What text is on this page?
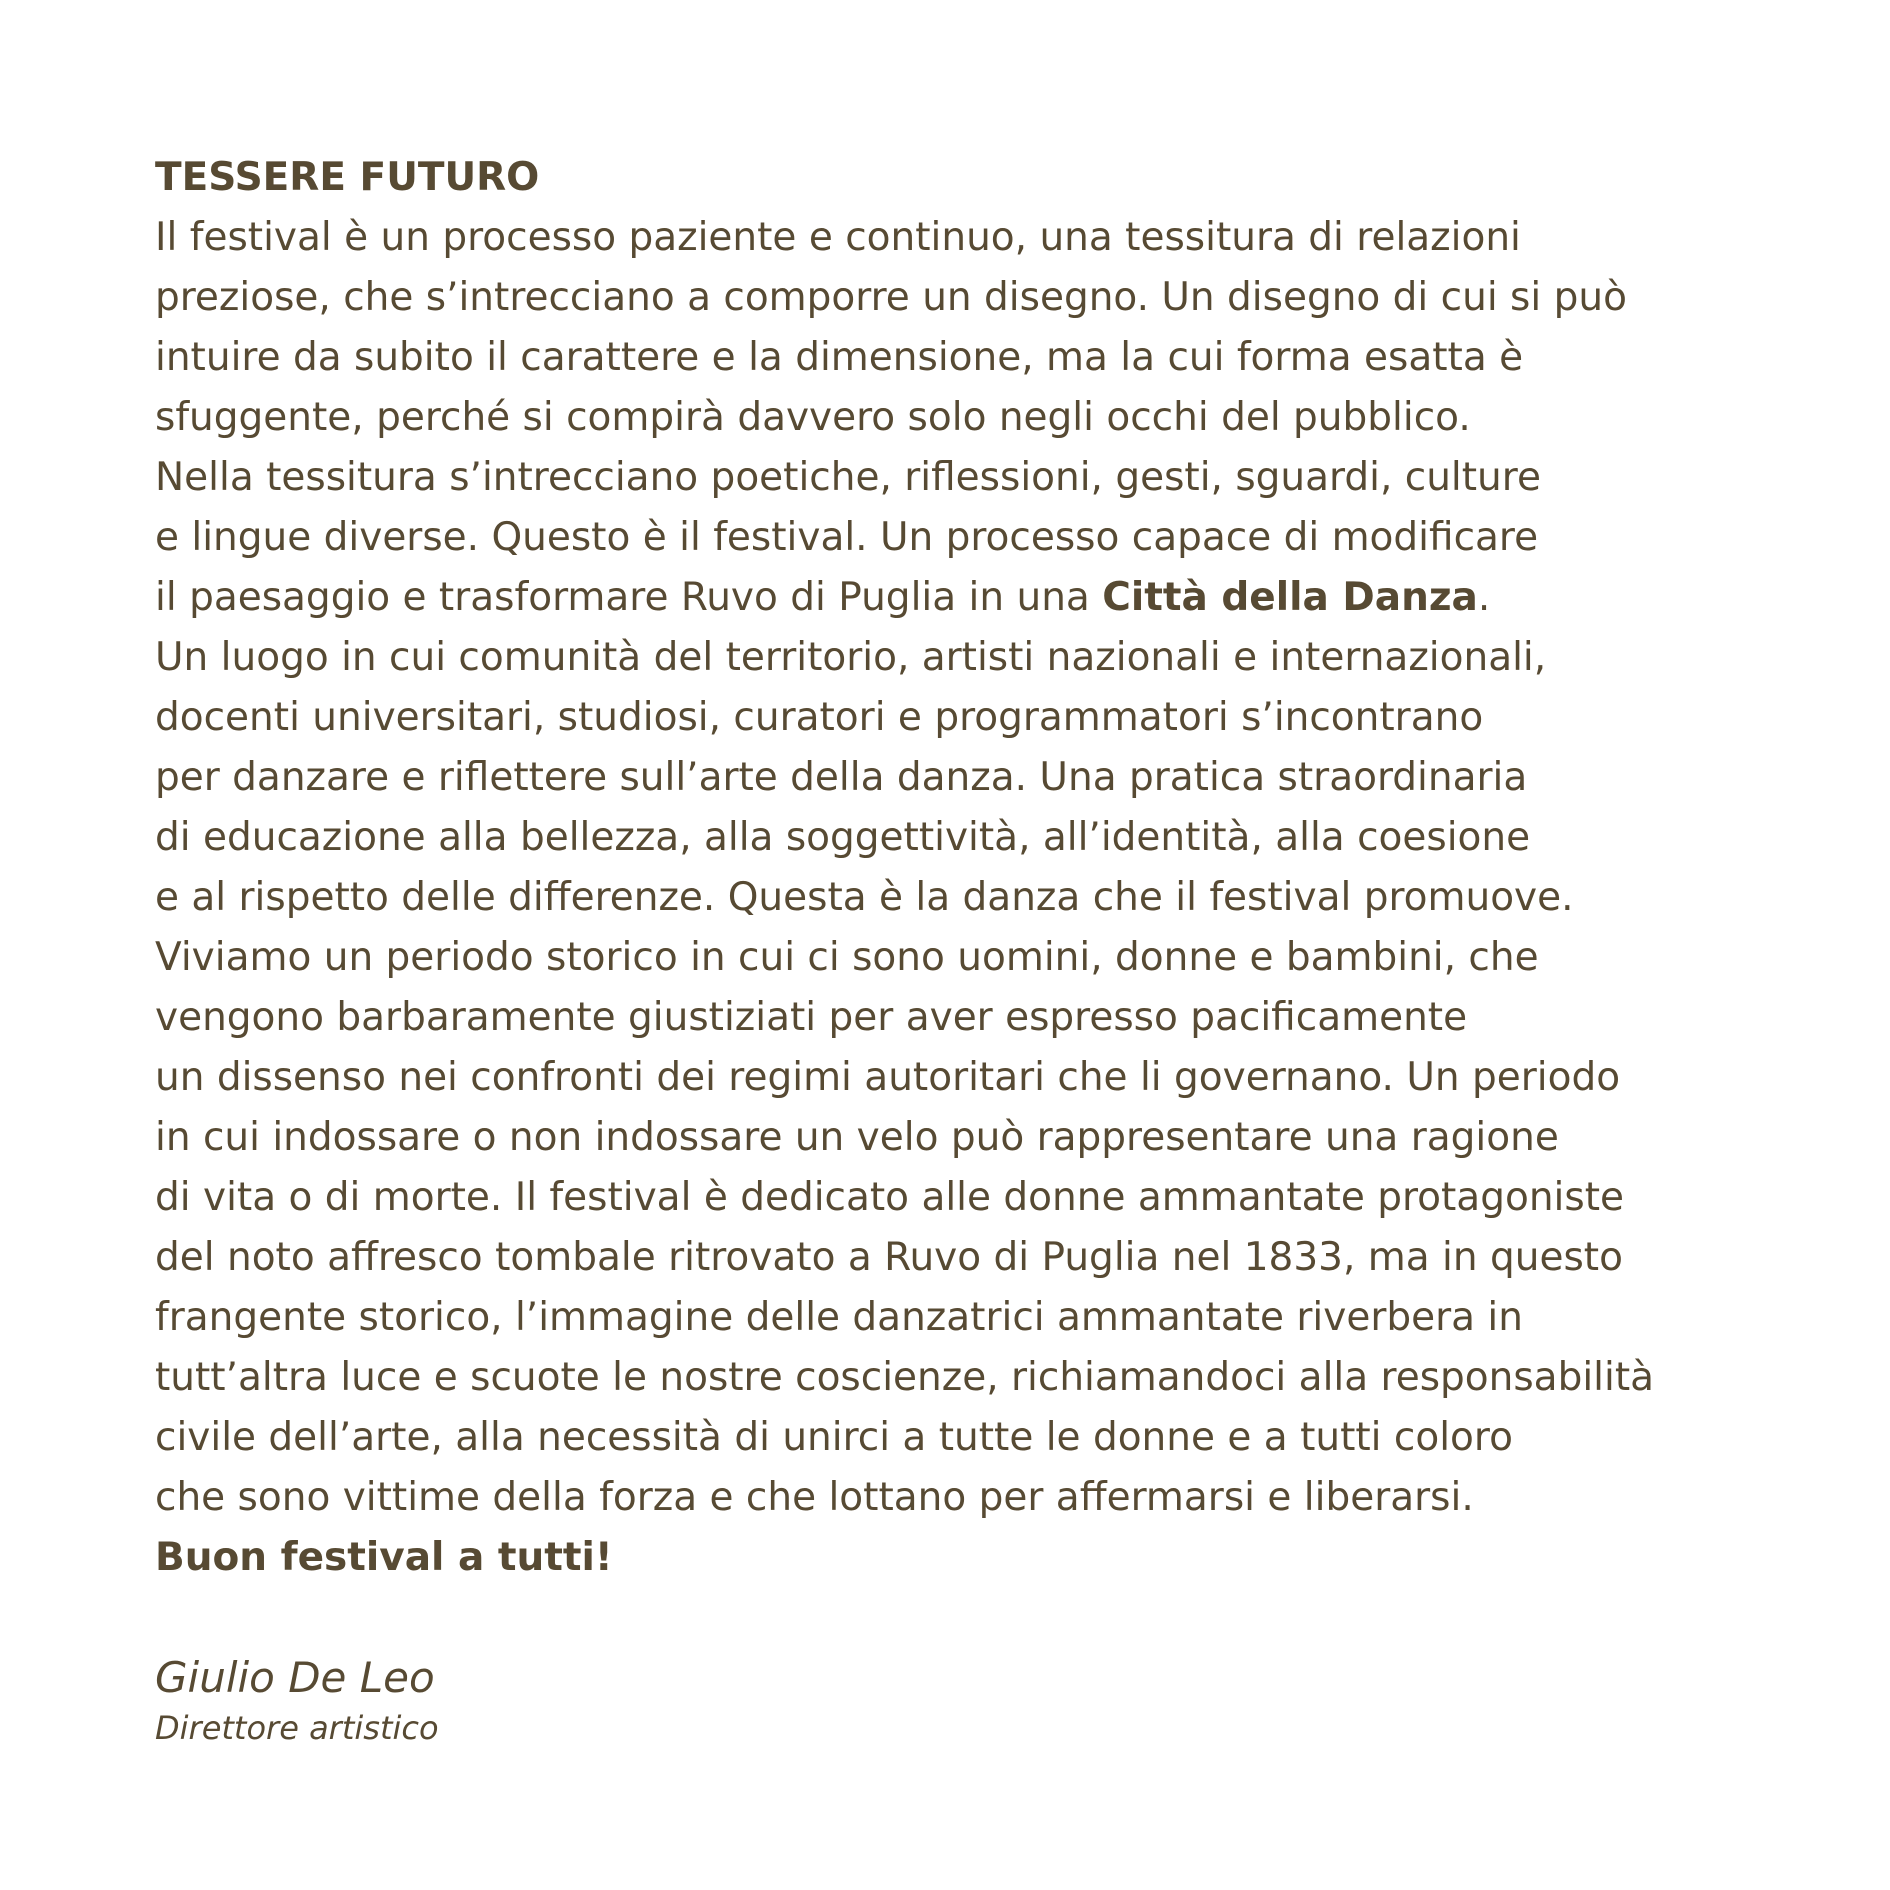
TESSERE FUTURO
Il festival è un processo paziente e continuo, una tessitura di relazioni
preziose, che s’intrecciano a comporre un disegno. Un disegno di cui si può
intuire da subito il carattere e la dimensione, ma la cui forma esatta è
sfuggente, perché si compirà davvero solo negli occhi del pubblico.
Nella tessitura s’intrecciano poetiche, riflessioni, gesti, sguardi, culture
e lingue diverse. Questo è il festival. Un processo capace di modificare
il paesaggio e trasformare Ruvo di Puglia in una Città della Danza.
Un luogo in cui comunità del territorio, artisti nazionali e internazionali,
docenti universitari, studiosi, curatori e programmatori s’incontrano
per danzare e riflettere sull’arte della danza. Una pratica straordinaria
di educazione alla bellezza, alla soggettività, all’identità, alla coesione
e al rispetto delle differenze. Questa è la danza che il festival promuove.
Viviamo un periodo storico in cui ci sono uomini, donne e bambini, che
vengono barbaramente giustiziati per aver espresso pacificamente
un dissenso nei confronti dei regimi autoritari che li governano. Un periodo
in cui indossare o non indossare un velo può rappresentare una ragione
di vita o di morte. Il festival è dedicato alle donne ammantate protagoniste
del noto affresco tombale ritrovato a Ruvo di Puglia nel 1833, ma in questo
frangente storico, l’immagine delle danzatrici ammantate riverbera in
tutt’altra luce e scuote le nostre coscienze, richiamandoci alla responsabilità
civile dell’arte, alla necessità di unirci a tutte le donne e a tutti coloro
che sono vittime della forza e che lottano per affermarsi e liberarsi.
Buon festival a tutti!
Giulio De Leo
Direttore artistico
